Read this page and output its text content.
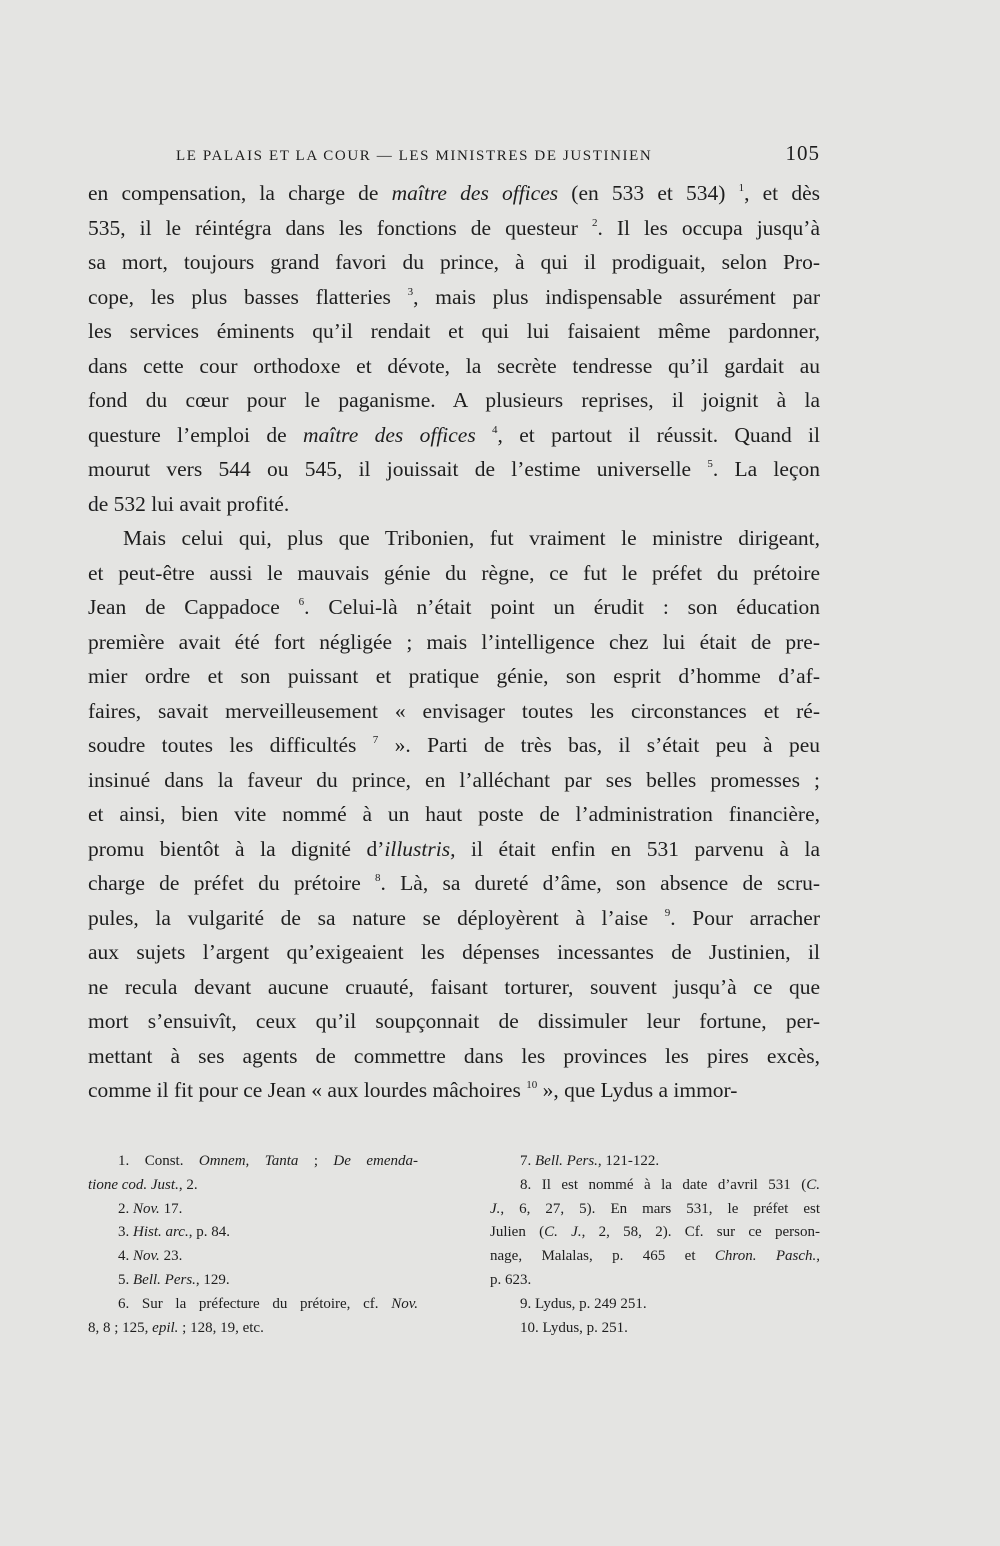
LE PALAIS ET LA COUR — LES MINISTRES DE JUSTINIEN	105
en compensation, la charge de maître des offices (en 533 et 534) $^1$, et dès
535, il le réintégra dans les fonctions de questeur $^2$. Il les occupa jusqu’à
sa mort, toujours grand favori du prince, à qui il prodiguait, selon Pro-
cope, les plus basses flatteries $^3$, mais plus indispensable assurément par
les services éminents qu’il rendait et qui lui faisaient même pardonner,
dans cette cour orthodoxe et dévote, la secrète tendresse qu’il gardait au
fond du cœur pour le paganisme. A plusieurs reprises, il joignit à la
questure l’emploi de maître des offices $^4$, et partout il réussit. Quand il
mourut vers 544 ou 545, il jouissait de l’estime universelle $^5$. La leçon
de 532 lui avait profité.
Mais celui qui, plus que Tribonien, fut vraiment le ministre dirigeant,
et peut-être aussi le mauvais génie du règne, ce fut le préfet du prétoire
Jean de Cappadoce $^6$. Celui-là n’était point un érudit : son éducation
première avait été fort négligée ; mais l’intelligence chez lui était de pre-
mier ordre et son puissant et pratique génie, son esprit d’homme d’af-
faires, savait merveilleusement « envisager toutes les circonstances et ré-
soudre toutes les difficultés $^7$ ». Parti de très bas, il s’était peu à peu
insinué dans la faveur du prince, en l’alléchant par ses belles promesses ;
et ainsi, bien vite nommé à un haut poste de l’administration financière,
promu bientôt à la dignité d’illustris, il était enfin en 531 parvenu à la
charge de préfet du prétoire $^8$. Là, sa dureté d’âme, son absence de scru-
pules, la vulgarité de sa nature se déployèrent à l’aise $^9$. Pour arracher
aux sujets l’argent qu’exigeaient les dépenses incessantes de Justinien, il
ne recula devant aucune cruauté, faisant torturer, souvent jusqu’à ce que
mort s’ensuivît, ceux qu’il soupçonnait de dissimuler leur fortune, per-
mettant à ses agents de commettre dans les provinces les pires excès,
comme il fit pour ce Jean « aux lourdes mâchoires $^{10}$ », que Lydus a immor-
1. Const. Omnem, Tanta ; De emenda-
tione cod. Just., 2.
2. Nov. 17.
3. Hist. arc., p. 84.
4. Nov. 23.
5. Bell. Pers., 129.
6. Sur la préfecture du prétoire, cf. Nov.
8, 8 ; 125, epil. ; 128, 19, etc.
7. Bell. Pers., 121-122.
8. Il est nommé à la date d’avril 531 (C.
J., 6, 27, 5). En mars 531, le préfet est
Julien (C. J., 2, 58, 2). Cf. sur ce person-
nage, Malalas, p. 465 et Chron. Pasch.,
p. 623.
9. Lydus, p. 249 251.
10. Lydus, p. 251.
